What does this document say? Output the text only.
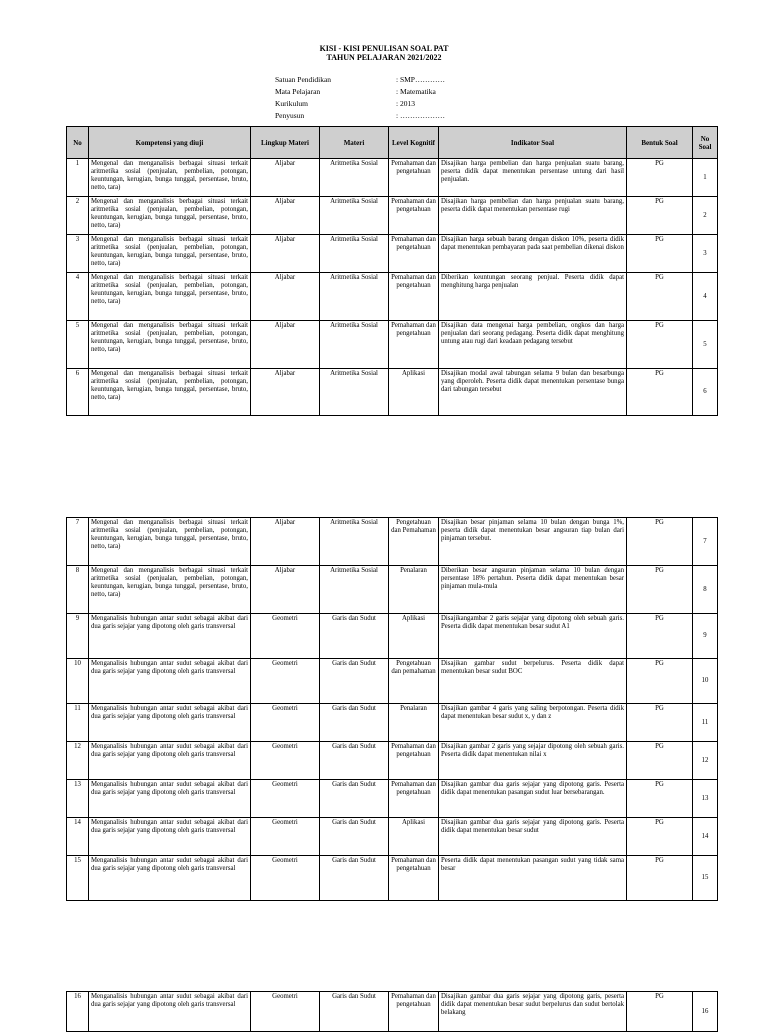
KISI - KISI PENULISAN SOAL PAT
TAHUN PELAJARAN 2021/2022
Satuan Pendidikan	: SMP…………
Mata Pelajaran	: Matematika
Kurikulum	: 2013
Penyusun	: ………………
No	Kompetensi yang diuji	Lingkup Materi	Materi	Level Kognitif	Indikator Soal	Bentuk Soal	No Soal
1	Mengenal dan menganalisis berbagai situasi terkait aritmetika sosial (penjualan, pembelian, potongan, keuntungan, kerugian, bunga tunggal, persentase, bruto, netto, tara)	Aljabar	Aritmetika Sosial	Pemahaman dan pengetahuan	Disajikan harga pembelian dan harga penjualan suatu barang, peserta didik dapat menentukan persentase untung dari hasil penjualan.	PG	1
2	Mengenal dan menganalisis berbagai situasi terkait aritmetika sosial (penjualan, pembelian, potongan, keuntungan, kerugian, bunga tunggal, persentase, bruto, netto, tara)	Aljabar	Aritmetika Sosial	Pemahaman dan pengetahuan	Disajikan harga pembelian dan harga penjualan suatu barang, peserta didik dapat menentukan persentase rugi	PG	2
3	Mengenal dan menganalisis berbagai situasi terkait aritmetika sosial (penjualan, pembelian, potongan, keuntungan, kerugian, bunga tunggal, persentase, bruto, netto, tara)	Aljabar	Aritmetika Sosial	Pemahaman dan pengetahuan	Disajikan harga sebuah barang dengan diskon 10%, peserta didik dapat menentukan pembayaran pada saat pembelian dikenai diskon	PG	3
4	Mengenal dan menganalisis berbagai situasi terkait aritmetika sosial (penjualan, pembelian, potongan, keuntungan, kerugian, bunga tunggal, persentase, bruto, netto, tara)	Aljabar	Aritmetika Sosial	Pemahaman dan pengetahuan	Diberikan keuntungan seorang penjual. Peserta didik dapat menghitung harga penjualan	PG	4
5	Mengenal dan menganalisis berbagai situasi terkait aritmetika sosial (penjualan, pembelian, potongan, keuntungan, kerugian, bunga tunggal, persentase, bruto, netto, tara)	Aljabar	Aritmetika Sosial	Pemahaman dan pengetahuan	Disajikan data mengenai harga pembelian, ongkos dan harga penjualan dari seorang pedagang. Peserta didik dapat menghitung untung atau rugi dari keadaan pedagang tersebut	PG	5
6	Mengenal dan menganalisis berbagai situasi terkait aritmetika sosial (penjualan, pembelian, potongan, keuntungan, kerugian, bunga tunggal, persentase, bruto, netto, tara)	Aljabar	Aritmetika Sosial	Aplikasi	Disajikan modal awal tabungan selama 9 bulan dan besarbunga yang diperoleh. Peserta didik dapat menentukan persentase bunga dari tabungan tersebut	PG	6
7	Mengenal dan menganalisis berbagai situasi terkait aritmetika sosial (penjualan, pembelian, potongan, keuntungan, kerugian, bunga tunggal, persentase, bruto, netto, tara)	Aljabar	Aritmetika Sosial	Pengetahuan dan Pemahaman	Disajikan besar pinjaman selama 10 bulan dengan bunga 1%, peserta didik dapat menentukan besar angsuran tiap bulan dari pinjaman tersebut.	PG	7
8	Mengenal dan menganalisis berbagai situasi terkait aritmetika sosial (penjualan, pembelian, potongan, keuntungan, kerugian, bunga tunggal, persentase, bruto, netto, tara)	Aljabar	Aritmetika Sosial	Penalaran	Diberikan besar angsuran pinjaman selama 10 bulan dengan persentase 18% pertahun. Peserta didik dapat menentukan besar pinjaman mula-mula	PG	8
9	Menganalisis hubungan antar sudut sebagai akibat dari dua garis sejajar yang dipotong oleh garis transversal	Geometri	Garis dan Sudut	Aplikasi	Disajikangambar 2 garis sejajar yang dipotong oleh sebuah garis. Peserta didik dapat menentukan besar sudut A1	PG	9
10	Menganalisis hubungan antar sudut sebagai akibat dari dua garis sejajar yang dipotong oleh garis transversal	Geometri	Garis dan Sudut	Pengetahuan dan pemahaman	Disajikan gambar sudut berpelurus. Peserta didik dapat menentukan besar sudut BOC	PG	10
11	Menganalisis hubungan antar sudut sebagai akibat dari dua garis sejajar yang dipotong oleh garis transversal	Geometri	Garis dan Sudut	Penalaran	Disajikan gambar 4 garis yang saling berpotongan. Peserta didik dapat menentukan besar sudut x, y dan z	PG	11
12	Menganalisis hubungan antar sudut sebagai akibat dari dua garis sejajar yang dipotong oleh garis transversal	Geometri	Garis dan Sudut	Pemahaman dan pengetahuan	Disajikan gambar 2 garis yang sejajar dipotong oleh sebuah garis. Peserta didik dapat menentukan nilai x	PG	12
13	Menganalisis hubungan antar sudut sebagai akibat dari dua garis sejajar yang dipotong oleh garis transversal	Geometri	Garis dan Sudut	Pemahaman dan pengetahuan	Disajikan gambar dua garis sejajar yang dipotong garis. Peserta didik dapat menentukan pasangan sudut luar bersebarangan.	PG	13
14	Menganalisis hubungan antar sudut sebagai akibat dari dua garis sejajar yang dipotong oleh garis transversal	Geometri	Garis dan Sudut	Aplikasi	Disajikan gambar dua garis sejajar yang dipotong garis. Peserta didik dapat menentukan besar sudut	PG	14
15	Menganalisis hubungan antar sudut sebagai akibat dari dua garis sejajar yang dipotong oleh garis transversal	Geometri	Garis dan Sudut	Pemahaman dan pengetahuan	Peserta didik dapat menentukan pasangan sudut yang tidak sama besar	PG	15
16	Menganalisis hubungan antar sudut sebagai akibat dari dua garis sejajar yang dipotong oleh garis transversal	Geometri	Garis dan Sudut	Pemahaman dan pengetahuan	Disajikan gambar dua garis sejajar yang dipotong garis, peserta didik dapat menentukan besar sudut berpelurus dan sudut bertolak belakang	PG	16
